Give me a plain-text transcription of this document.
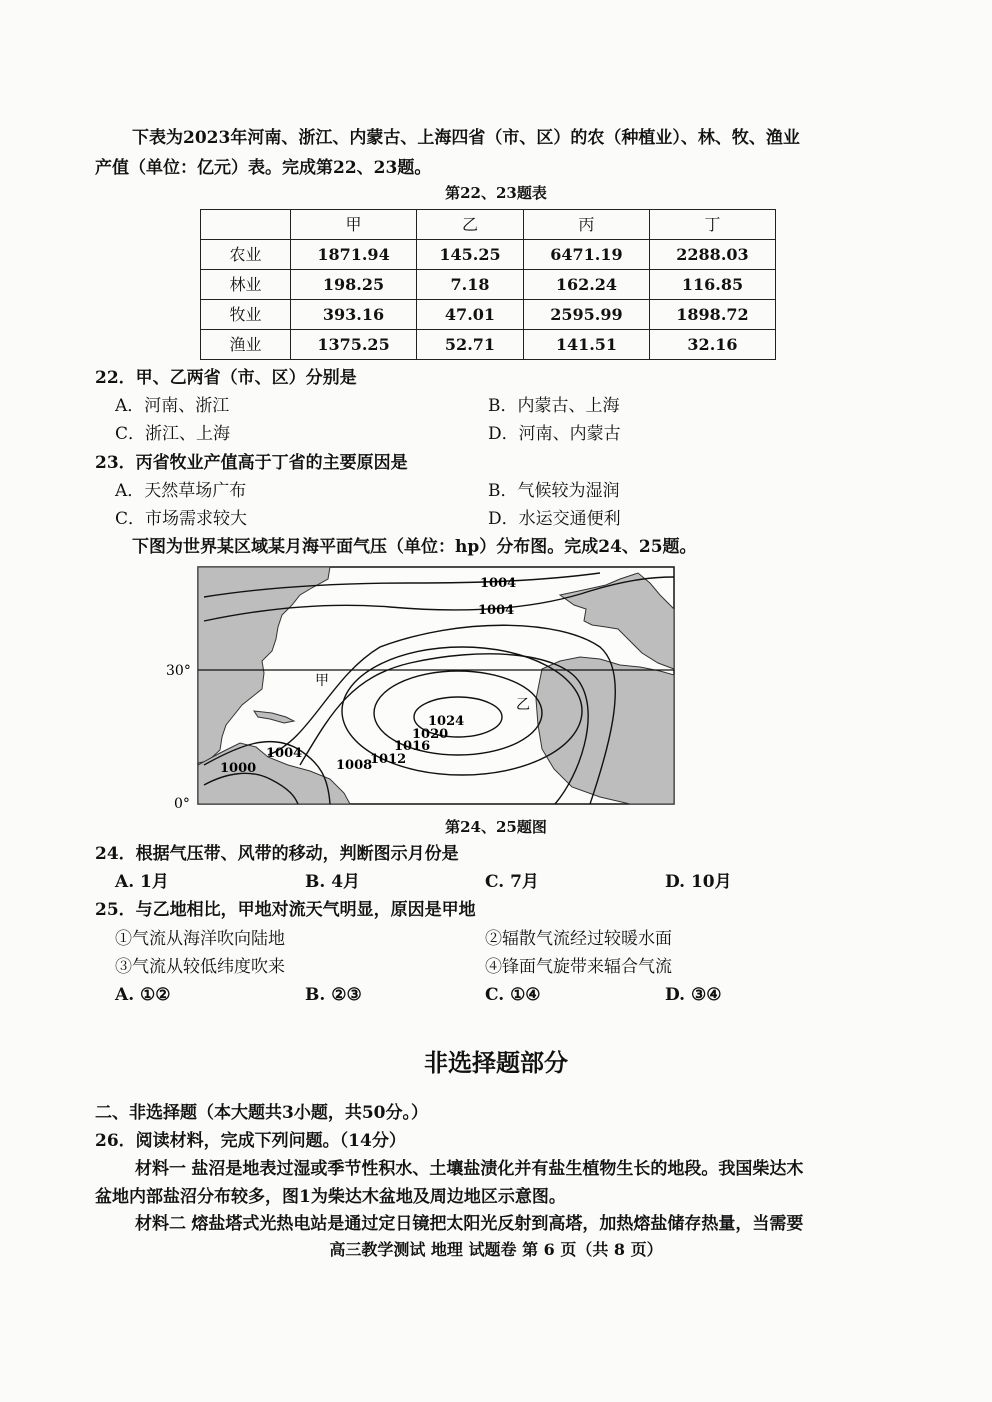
下表为2023年河南、浙江、内蒙古、上海四省（市、区）的农（种植业）、林、牧、渔业
产值（单位：亿元）表。完成第22、23题。
第22、23题表
	甲	乙	丙	丁
农业	1871.94	145.25	6471.19	2288.03
林业	198.25	7.18	162.24	116.85
牧业	393.16	47.01	2595.99	1898.72
渔业	1375.25	52.71	141.51	32.16
22．甲、乙两省（市、区）分别是
A．河南、浙江	B．内蒙古、上海
C．浙江、上海	D．河南、内蒙古
23．丙省牧业产值高于丁省的主要原因是
A．天然草场广布	B．气候较为湿润
C．市场需求较大	D．水运交通便利
下图为世界某区域某月海平面气压（单位：hp）分布图。完成24、25题。
30°
0°
甲
乙
1004
1004
1024
1020
1016
1012
1008
1004
1000
第24、25题图
24．根据气压带、风带的移动，判断图示月份是
A. 1月	B. 4月	C. 7月	D. 10月
25．与乙地相比，甲地对流天气明显，原因是甲地
①气流从海洋吹向陆地	②辐散气流经过较暖水面
③气流从较低纬度吹来	④锋面气旋带来辐合气流
A. ①②	B. ②③	C. ①④	D. ③④
非选择题部分
二、非选择题（本大题共3小题，共50分。）
26．阅读材料，完成下列问题。（14分）
材料一 盐沼是地表过湿或季节性积水、土壤盐渍化并有盐生植物生长的地段。我国柴达木
盆地内部盐沼分布较多，图1为柴达木盆地及周边地区示意图。
材料二 熔盐塔式光热电站是通过定日镜把太阳光反射到高塔，加热熔盐储存热量，当需要
高三教学测试 地理 试题卷 第 6 页（共 8 页）
